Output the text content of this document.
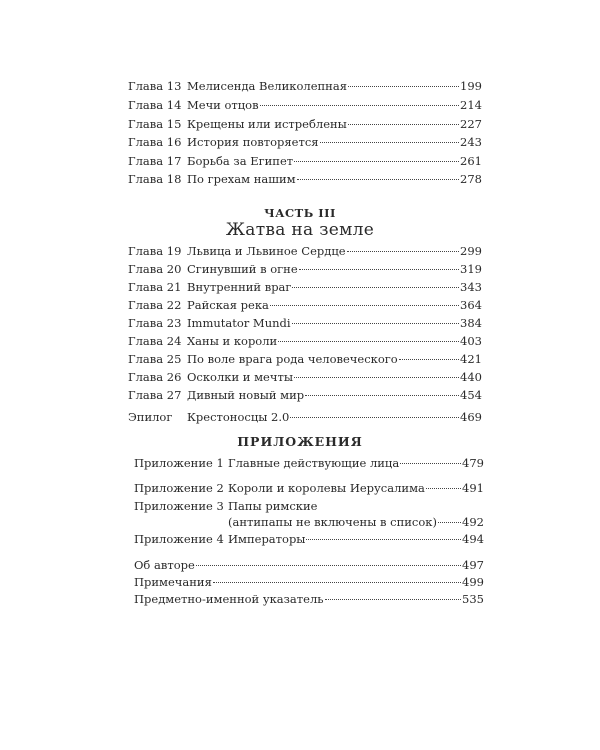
Глава 13 Мелисенда Великолепная	199
Глава 14 Мечи отцов	214
Глава 15 Крещены или истреблены	227
Глава 16 История повторяется	243
Глава 17 Борьба за Египет	261
Глава 18 По грехам нашим	278
ЧАСТЬ III
Жатва на земле
Глава 19 Львица и Львиное Сердце	299
Глава 20 Сгинувший в огне	319
Глава 21 Внутренний враг	343
Глава 22 Райская река	364
Глава 23 Immutator Mundi	384
Глава 24 Ханы и короли	403
Глава 25 По воле врага рода человеческого	421
Глава 26 Осколки и мечты	440
Глава 27 Дивный новый мир	454
Эпилог Крестоносцы 2.0	469
ПРИЛОЖЕНИЯ
Приложение 1 Главные действующие лица	479
Приложение 2 Короли и королевы Иерусалима	491
Приложение 3 Папы римские
(антипапы не включены в список) 492
Приложение 4 Императоры	494
Об авторе	497
Примечания	499
Предметно-именной указатель	535
